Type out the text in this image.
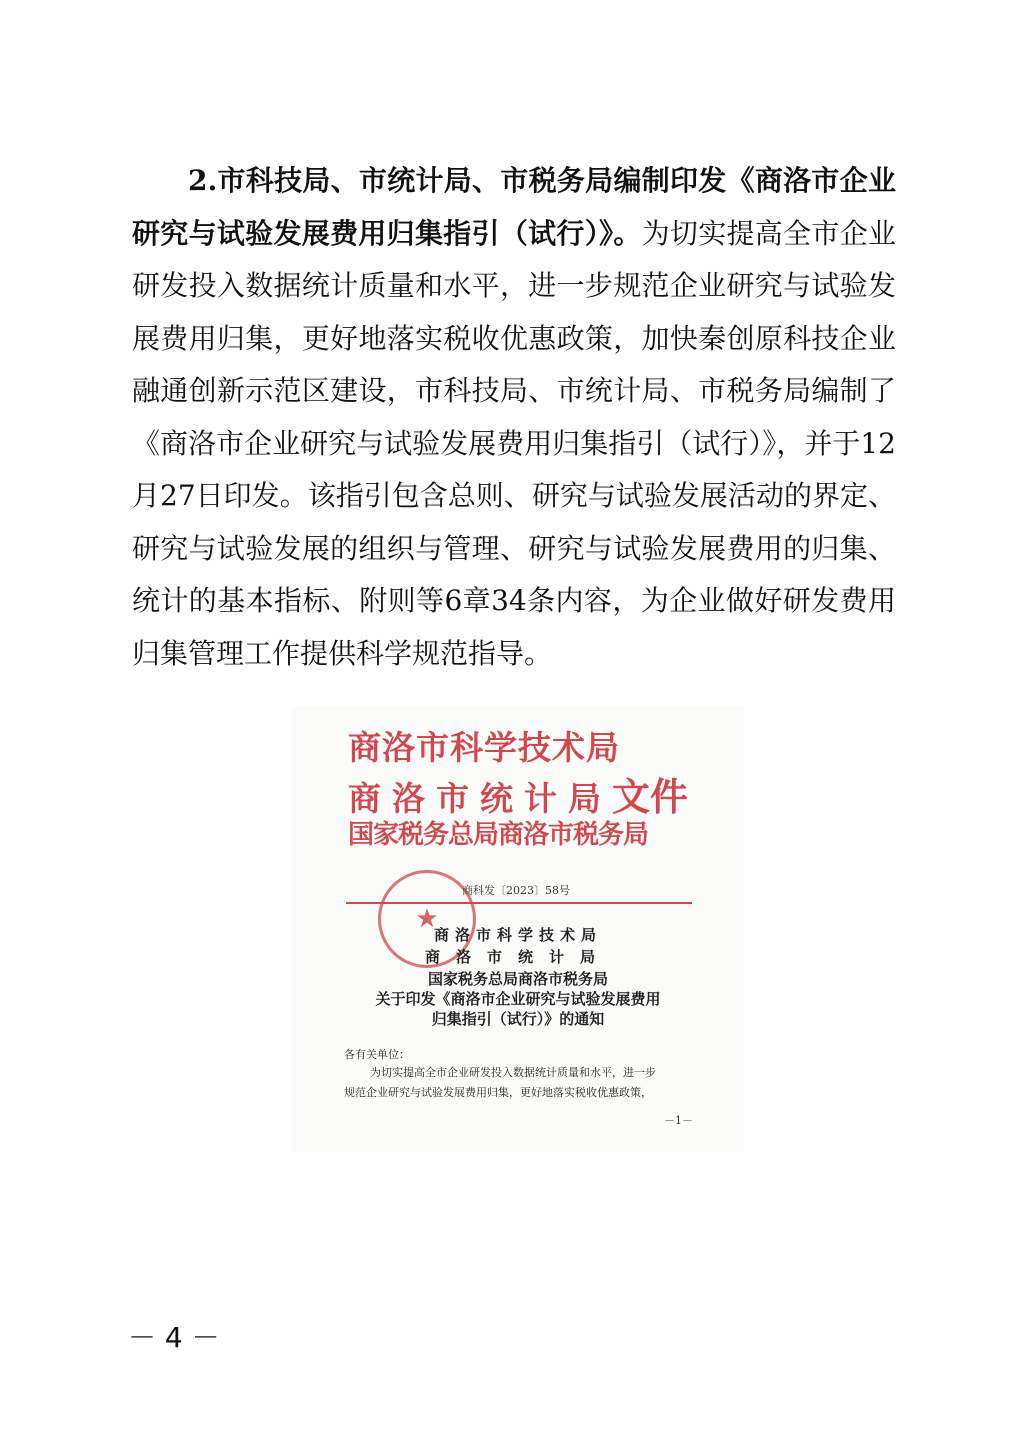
2.市科技局、市统计局、市税务局编制印发《商洛市企业研究与试验发展费用归集指引（试行）》。为切实提高全市企业研发投入数据统计质量和水平，进一步规范企业研究与试验发展费用归集，更好地落实税收优惠政策，加快秦创原科技企业融通创新示范区建设，市科技局、市统计局、市税务局编制了《商洛市企业研究与试验发展费用归集指引（试行）》，并于12月27日印发。该指引包含总则、研究与试验发展活动的界定、研究与试验发展的组织与管理、研究与试验发展费用的归集、统计的基本指标、附则等6章34条内容，为企业做好研发费用归集管理工作提供科学规范指导。

商洛市科学技术局
商洛市统计局文件
国家税务总局商洛市税务局
★
商科发〔2023〕58号
商洛市科学技术局
商洛市统计局
国家税务总局商洛市税务局
关于印发《商洛市企业研究与试验发展费用
归集指引（试行）》的通知
各有关单位：
为切实提高全市企业研发投入数据统计质量和水平，进一步
规范企业研究与试验发展费用归集，更好地落实税收优惠政策，
－1－
－ 4 －
